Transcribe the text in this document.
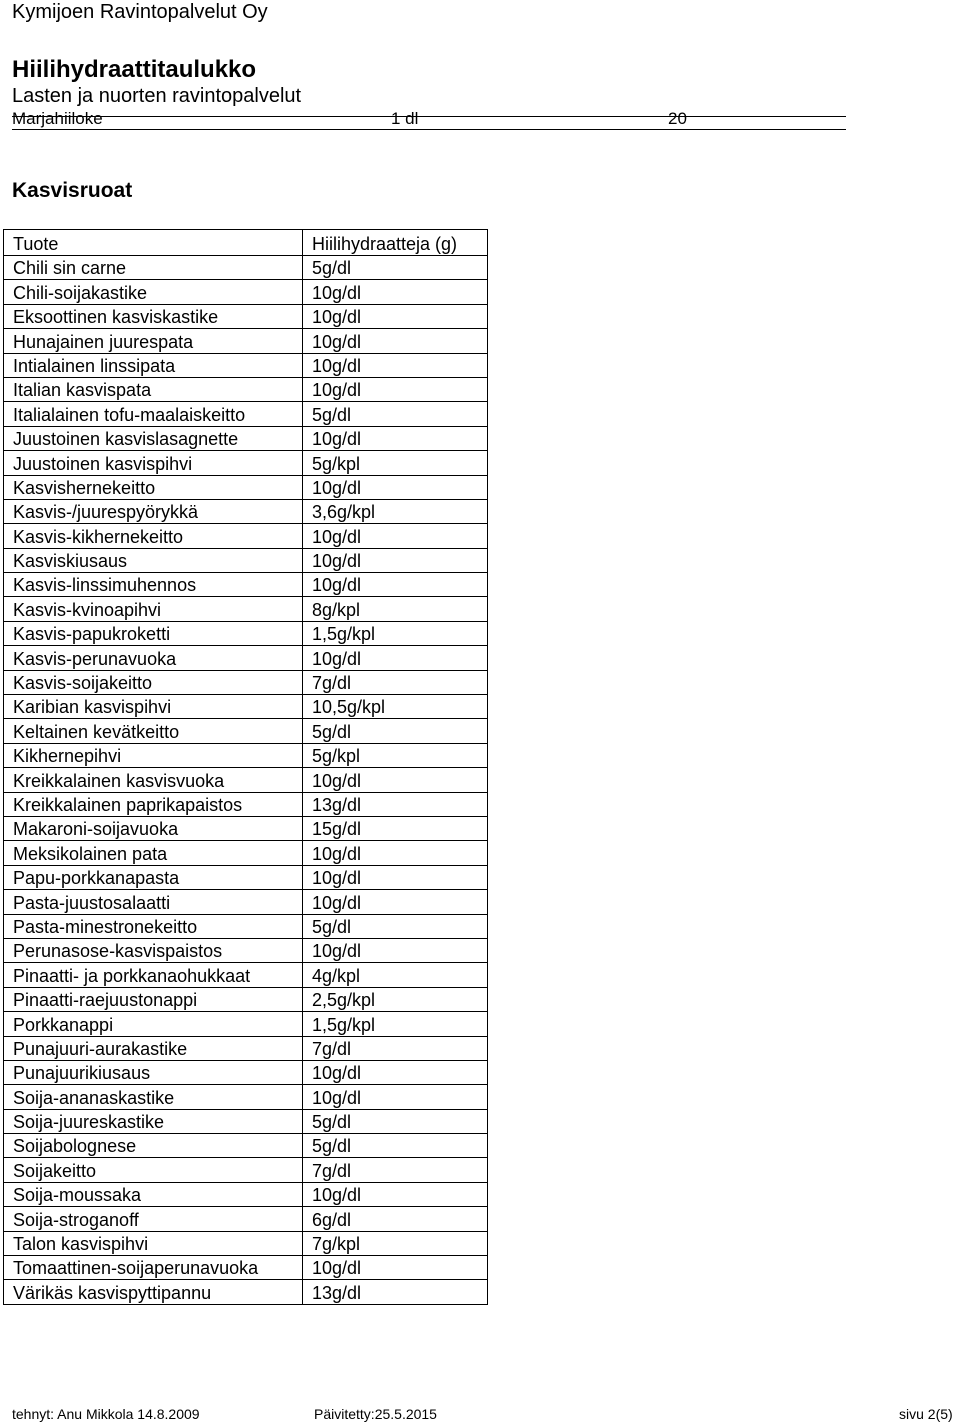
Kymijoen Ravintopalvelut Oy
Hiilihydraattitaulukko
Lasten ja nuorten ravintopalvelut
Marjahiiloke	1 dl	20
Kasvisruoat
Tuote	Hiilihydraatteja (g)
Chili sin carne	5g/dl
Chili-soijakastike	10g/dl
Eksoottinen kasviskastike	10g/dl
Hunajainen juurespata	10g/dl
Intialainen linssipata	10g/dl
Italian kasvispata	10g/dl
Italialainen tofu-maalaiskeitto	5g/dl
Juustoinen kasvislasagnette	10g/dl
Juustoinen kasvispihvi	5g/kpl
Kasvishernekeitto	10g/dl
Kasvis-/juurespyörykkä	3,6g/kpl
Kasvis-kikhernekeitto	10g/dl
Kasviskiusaus	10g/dl
Kasvis-linssimuhennos	10g/dl
Kasvis-kvinoapihvi	8g/kpl
Kasvis-papukroketti	1,5g/kpl
Kasvis-perunavuoka	10g/dl
Kasvis-soijakeitto	7g/dl
Karibian kasvispihvi	10,5g/kpl
Keltainen kevätkeitto	5g/dl
Kikhernepihvi	5g/kpl
Kreikkalainen kasvisvuoka	10g/dl
Kreikkalainen paprikapaistos	13g/dl
Makaroni-soijavuoka	15g/dl
Meksikolainen pata	10g/dl
Papu-porkkanapasta	10g/dl
Pasta-juustosalaatti	10g/dl
Pasta-minestronekeitto	5g/dl
Perunasose-kasvispaistos	10g/dl
Pinaatti- ja porkkanaohukkaat	4g/kpl
Pinaatti-raejuustonappi	2,5g/kpl
Porkkanappi	1,5g/kpl
Punajuuri-aurakastike	7g/dl
Punajuurikiusaus	10g/dl
Soija-ananaskastike	10g/dl
Soija-juureskastike	5g/dl
Soijabolognese	5g/dl
Soijakeitto	7g/dl
Soija-moussaka	10g/dl
Soija-stroganoff	6g/dl
Talon kasvispihvi	7g/kpl
Tomaattinen-soijaperunavuoka	10g/dl
Värikäs kasvispyttipannu	13g/dl
tehnyt: Anu Mikkola 14.8.2009	Päivitetty:25.5.2015	sivu 2(5)
